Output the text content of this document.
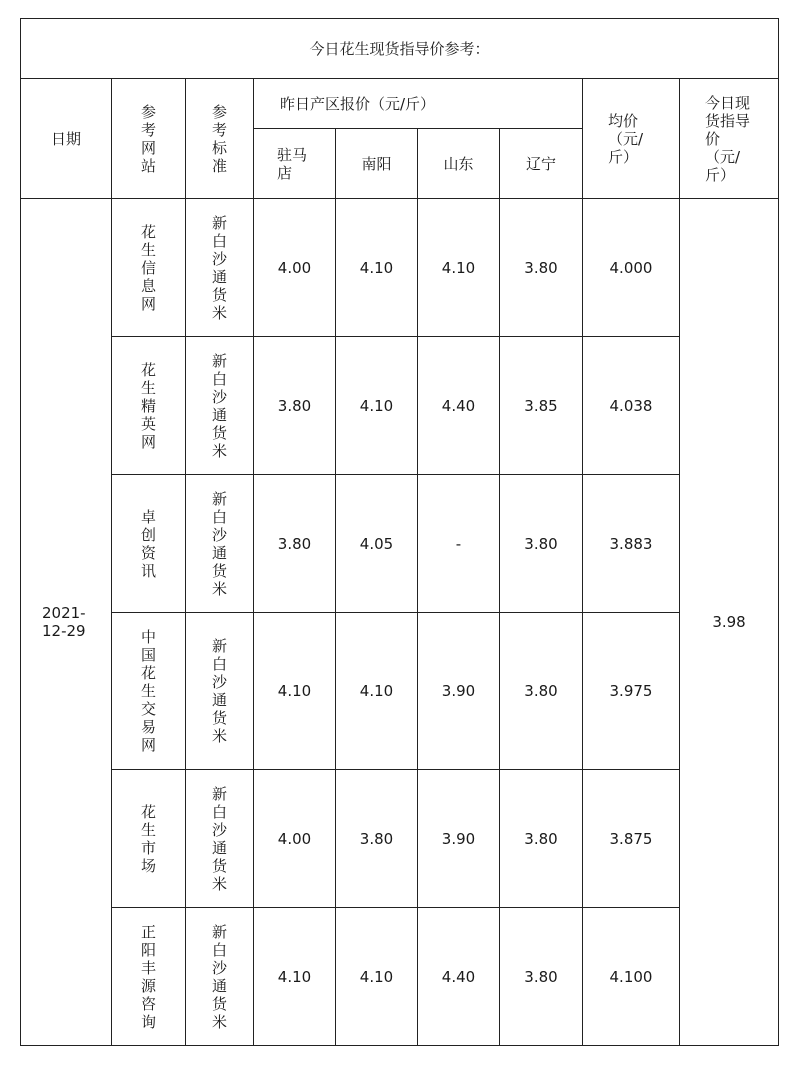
今日花生现货指导价参考：								
日期	参考网站	参考标准	昨日产区报价（元/斤）				均价（元/斤）	今日现货指导价（元/斤）
			驻马店	南阳	山东	辽宁		
2021-12-29	花生信息网	新白沙通货米	4.00	4.10	4.10	3.80	4.000	3.98
	花生精英网	新白沙通货米	3.80	4.10	4.40	3.85	4.038	
	卓创资讯	新白沙通货米	3.80	4.05	-	3.80	3.883	
	中国花生交易网	新白沙通货米	4.10	4.10	3.90	3.80	3.975	
	花生市场	新白沙通货米	4.00	3.80	3.90	3.80	3.875	
	正阳丰源咨询	新白沙通货米	4.10	4.10	4.40	3.80	4.100	
